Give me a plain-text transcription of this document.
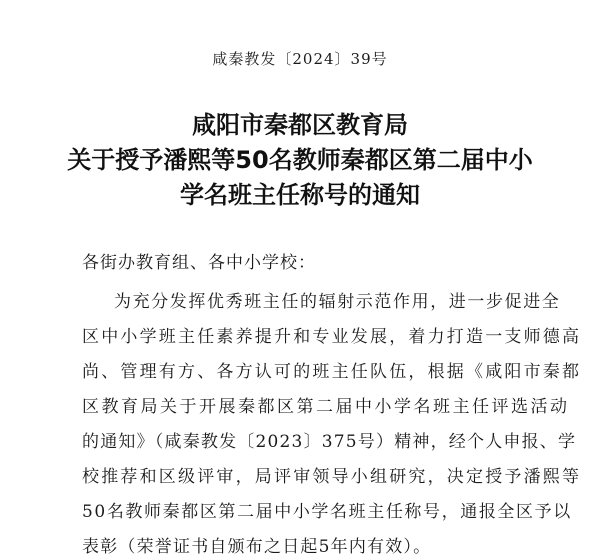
咸秦教发〔2024〕39号
咸阳市秦都区教育局
关于授予潘熙等50名教师秦都区第二届中小
学名班主任称号的通知
各街办教育组、各中小学校：
为充分发挥优秀班主任的辐射示范作用，进一步促进全
区中小学班主任素养提升和专业发展，着力打造一支师德高
尚、管理有方、各方认可的班主任队伍，根据《咸阳市秦都
区教育局关于开展秦都区第二届中小学名班主任评选活动
的通知》（咸秦教发〔2023〕375号）精神，经个人申报、学
校推荐和区级评审，局评审领导小组研究，决定授予潘熙等
50名教师秦都区第二届中小学名班主任称号，通报全区予以
表彰（荣誉证书自颁布之日起5年内有效）。
